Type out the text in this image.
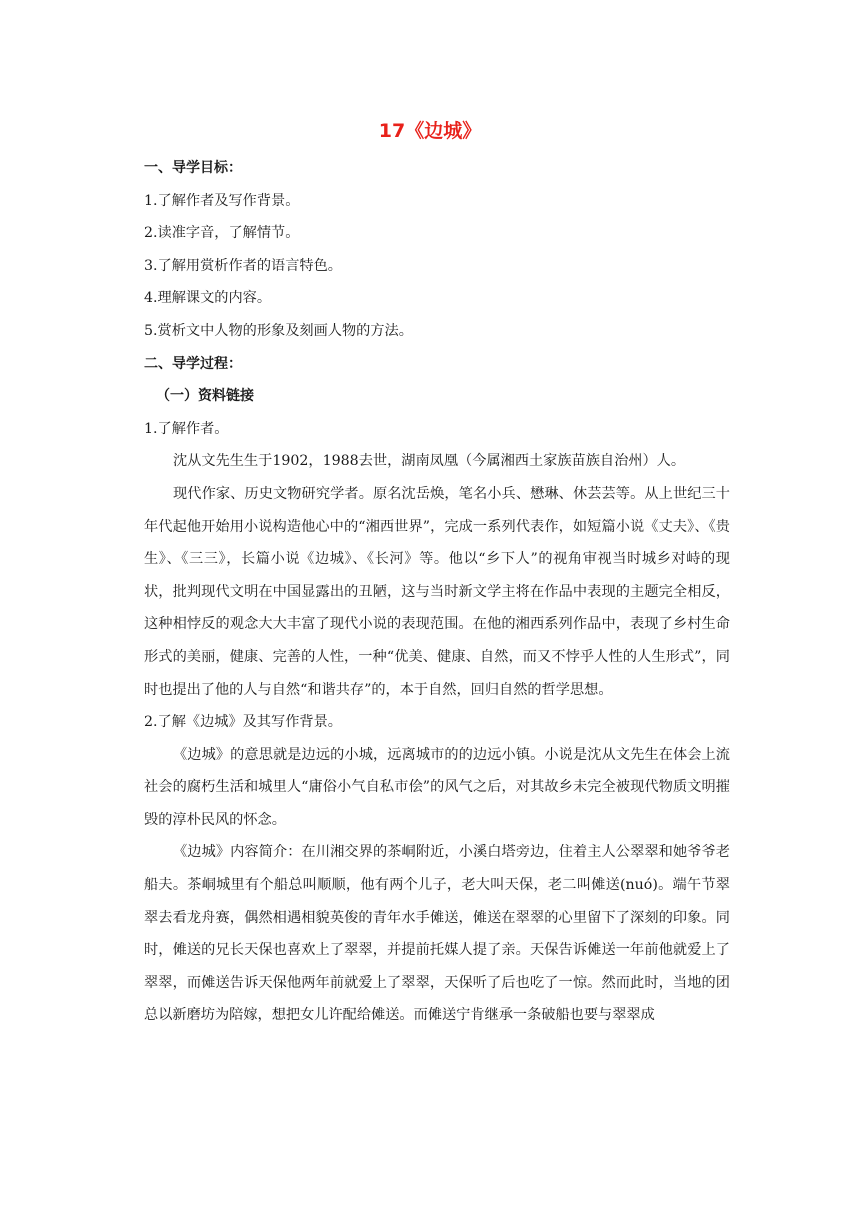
17《边城》

一、导学目标：

1.了解作者及写作背景。

2.读准字音，了解情节。

3.了解用赏析作者的语言特色。

4.理解课文的内容。

5.赏析文中人物的形象及刻画人物的方法。

二、导学过程：

（一）资料链接

1.了解作者。

沈从文先生生于1902，1988去世，湖南凤凰（今属湘西土家族苗族自治州）人。

现代作家、历史文物研究学者。原名沈岳焕，笔名小兵、懋琳、休芸芸等。从上世纪三十年代起他开始用小说构造他心中的“湘西世界”，完成一系列代表作，如短篇小说《丈夫》、《贵生》、《三三》，长篇小说《边城》、《长河》等。他以“乡下人”的视角审视当时城乡对峙的现状，批判现代文明在中国显露出的丑陋，这与当时新文学主将在作品中表现的主题完全相反，这种相悖反的观念大大丰富了现代小说的表现范围。在他的湘西系列作品中，表现了乡村生命形式的美丽，健康、完善的人性，一种“优美、健康、自然，而又不悖乎人性的人生形式”，同时也提出了他的人与自然“和谐共存”的，本于自然，回归自然的哲学思想。

2.了解《边城》及其写作背景。

《边城》的意思就是边远的小城，远离城市的的边远小镇。小说是沈从文先生在体会上流社会的腐朽生活和城里人“庸俗小气自私市侩”的风气之后，对其故乡未完全被现代物质文明摧毁的淳朴民风的怀念。

《边城》内容简介：在川湘交界的茶峒附近，小溪白塔旁边，住着主人公翠翠和她爷爷老船夫。茶峒城里有个船总叫顺顺，他有两个儿子，老大叫天保，老二叫傩送(nuó)。端午节翠翠去看龙舟赛，偶然相遇相貌英俊的青年水手傩送，傩送在翠翠的心里留下了深刻的印象。同时，傩送的兄长天保也喜欢上了翠翠，并提前托媒人提了亲。天保告诉傩送一年前他就爱上了翠翠，而傩送告诉天保他两年前就爱上了翠翠，天保听了后也吃了一惊。然而此时，当地的团总以新磨坊为陪嫁，想把女儿许配给傩送。而傩送宁肯继承一条破船也要与翠翠成
